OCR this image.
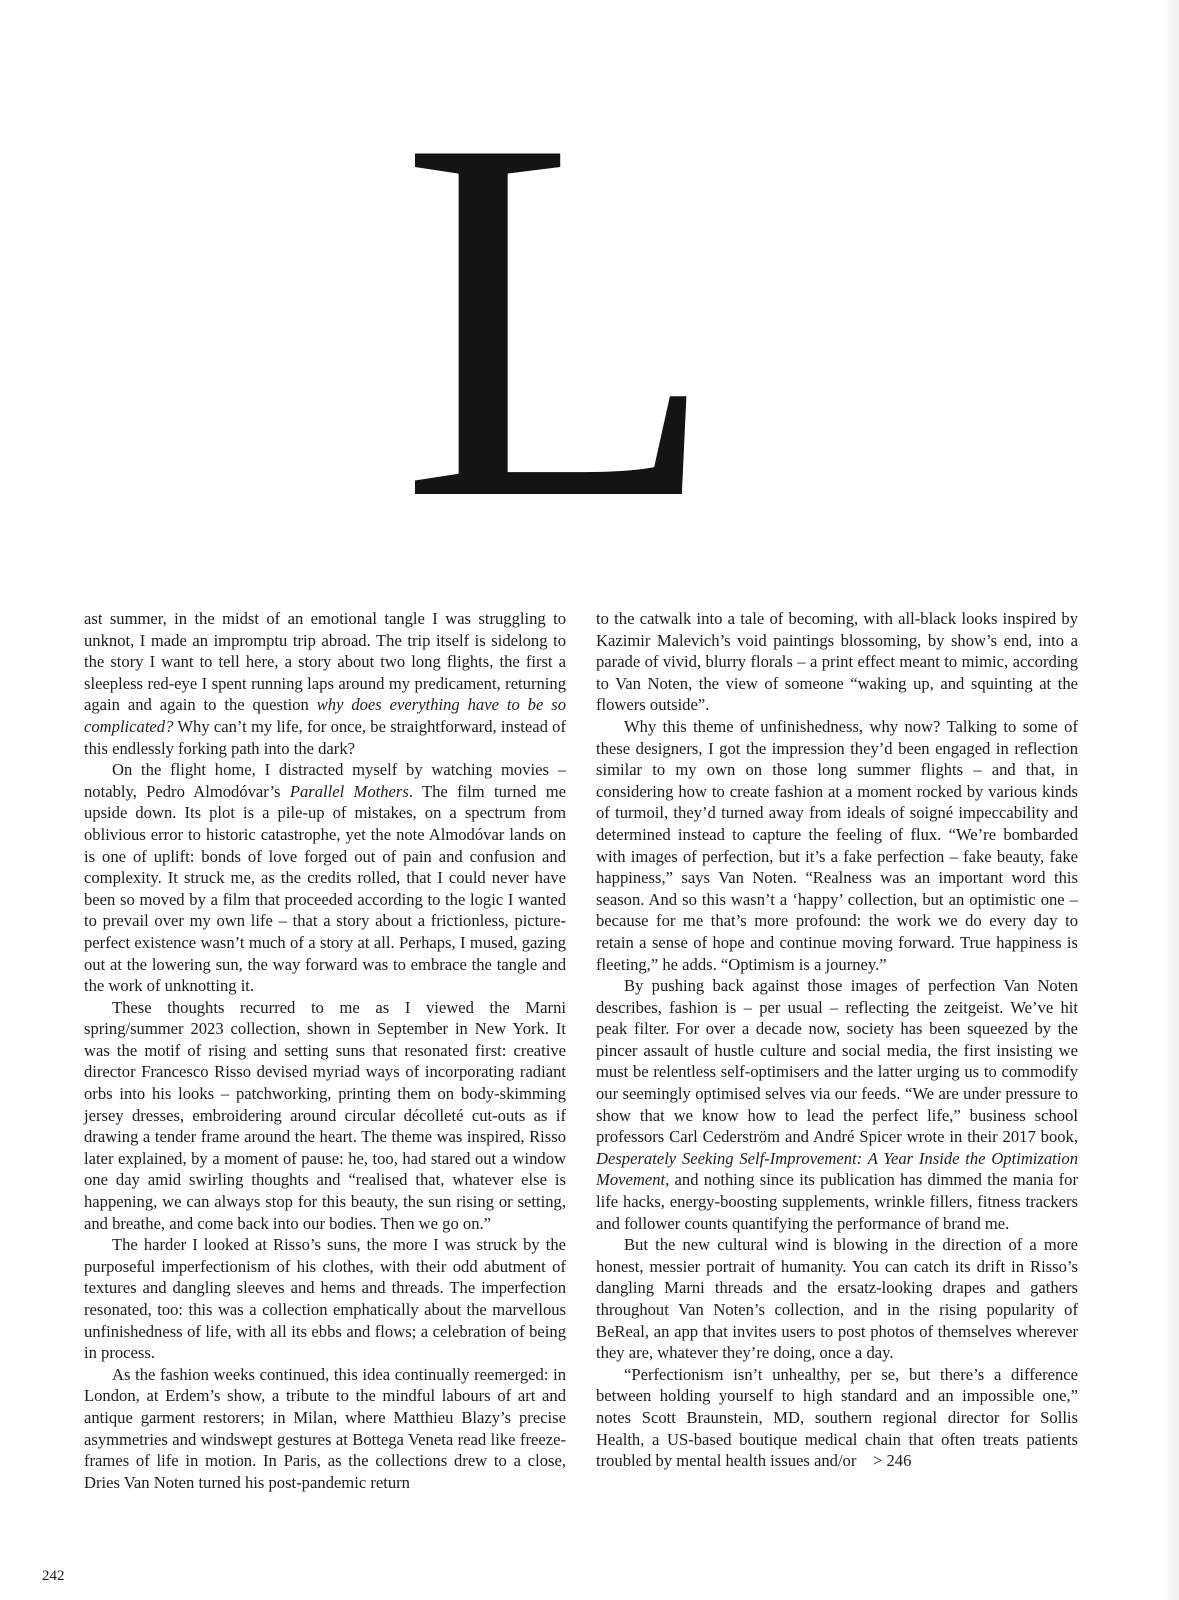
L

ast summer, in the midst of an emotional tangle I was struggling to unknot, I made an impromptu trip abroad. The trip itself is sidelong to the story I want to tell here, a story about two long flights, the first a sleepless red-eye I spent running laps around my predicament, returning again and again to the question why does everything have to be so complicated? Why can’t my life, for once, be straightforward, instead of this endlessly forking path into the dark?

On the flight home, I distracted myself by watching movies – notably, Pedro Almodóvar’s Parallel Mothers. The film turned me upside down. Its plot is a pile-up of mistakes, on a spectrum from oblivious error to historic catastrophe, yet the note Almodóvar lands on is one of uplift: bonds of love forged out of pain and confusion and complexity. It struck me, as the credits rolled, that I could never have been so moved by a film that proceeded according to the logic I wanted to prevail over my own life – that a story about a frictionless, picture-perfect existence wasn’t much of a story at all. Perhaps, I mused, gazing out at the lowering sun, the way forward was to embrace the tangle and the work of unknotting it.

These thoughts recurred to me as I viewed the Marni spring/summer 2023 collection, shown in September in New York. It was the motif of rising and setting suns that resonated first: creative director Francesco Risso devised myriad ways of incorporating radiant orbs into his looks – patchworking, printing them on body-skimming jersey dresses, embroidering around circular décolleté cut-outs as if drawing a tender frame around the heart. The theme was inspired, Risso later explained, by a moment of pause: he, too, had stared out a window one day amid swirling thoughts and “realised that, whatever else is happening, we can always stop for this beauty, the sun rising or setting, and breathe, and come back into our bodies. Then we go on.”

The harder I looked at Risso’s suns, the more I was struck by the purposeful imperfectionism of his clothes, with their odd abutment of textures and dangling sleeves and hems and threads. The imperfection resonated, too: this was a collection emphatically about the marvellous unfinishedness of life, with all its ebbs and flows; a celebration of being in process.

As the fashion weeks continued, this idea continually reemerged: in London, at Erdem’s show, a tribute to the mindful labours of art and antique garment restorers; in Milan, where Matthieu Blazy’s precise asymmetries and windswept gestures at Bottega Veneta read like freeze-frames of life in motion. In Paris, as the collections drew to a close, Dries Van Noten turned his post-pandemic return

to the catwalk into a tale of becoming, with all-black looks inspired by Kazimir Malevich’s void paintings blossoming, by show’s end, into a parade of vivid, blurry florals – a print effect meant to mimic, according to Van Noten, the view of someone “waking up, and squinting at the flowers outside”.

Why this theme of unfinishedness, why now? Talking to some of these designers, I got the impression they’d been engaged in reflection similar to my own on those long summer flights – and that, in considering how to create fashion at a moment rocked by various kinds of turmoil, they’d turned away from ideals of soigné impeccability and determined instead to capture the feeling of flux. “We’re bombarded with images of perfection, but it’s a fake perfection – fake beauty, fake happiness,” says Van Noten. “Realness was an important word this season. And so this wasn’t a ‘happy’ collection, but an optimistic one – because for me that’s more profound: the work we do every day to retain a sense of hope and continue moving forward. True happiness is fleeting,” he adds. “Optimism is a journey.”

By pushing back against those images of perfection Van Noten describes, fashion is – per usual – reflecting the zeitgeist. We’ve hit peak filter. For over a decade now, society has been squeezed by the pincer assault of hustle culture and social media, the first insisting we must be relentless self-optimisers and the latter urging us to commodify our seemingly optimised selves via our feeds. “We are under pressure to show that we know how to lead the perfect life,” business school professors Carl Cederström and André Spicer wrote in their 2017 book, Desperately Seeking Self-Improvement: A Year Inside the Optimization Movement, and nothing since its publication has dimmed the mania for life hacks, energy-boosting supplements, wrinkle fillers, fitness trackers and follower counts quantifying the performance of brand me.

But the new cultural wind is blowing in the direction of a more honest, messier portrait of humanity. You can catch its drift in Risso’s dangling Marni threads and the ersatz-looking drapes and gathers throughout Van Noten’s collection, and in the rising popularity of BeReal, an app that invites users to post photos of themselves wherever they are, whatever they’re doing, once a day.

“Perfectionism isn’t unhealthy, per se, but there’s a difference between holding yourself to high standard and an impossible one,” notes Scott Braunstein, MD, southern regional director for Sollis Health, a US-based boutique medical chain that often treats patients troubled by mental health issues and/or > 246

242
